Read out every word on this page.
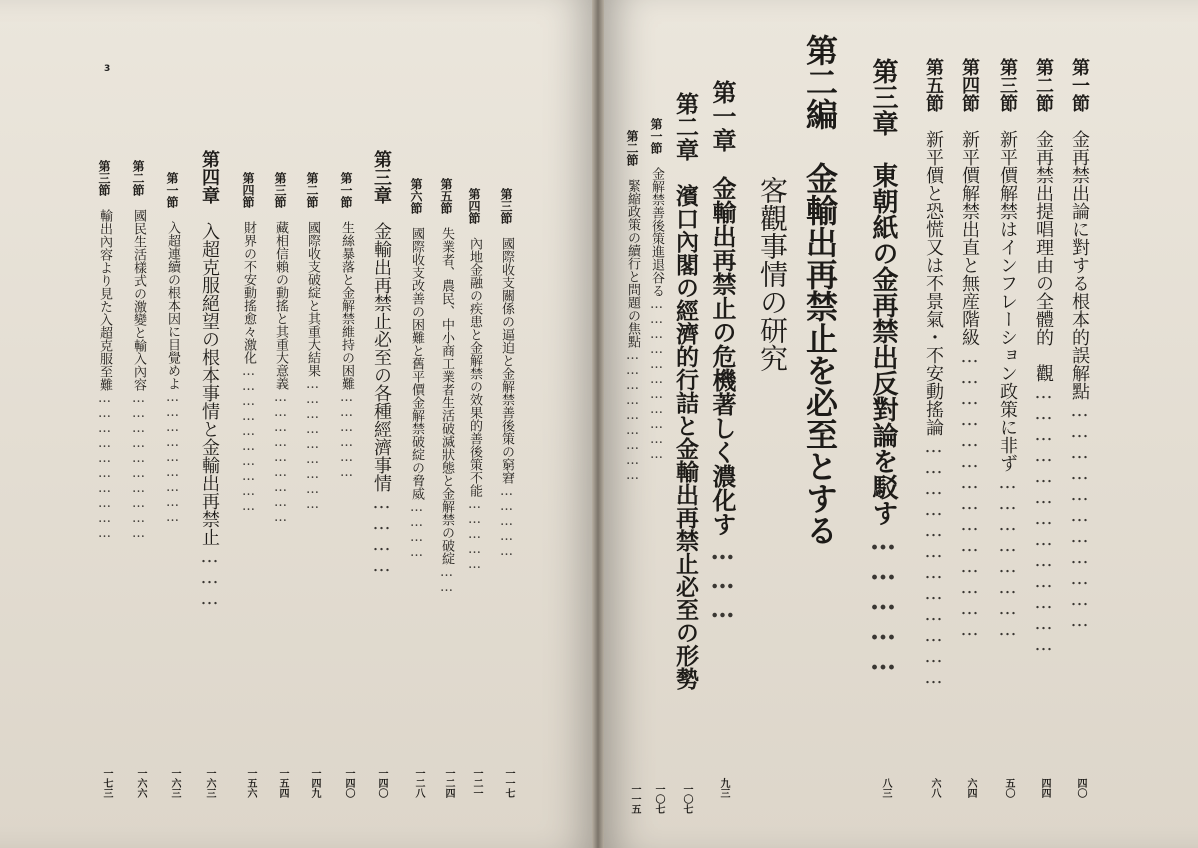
3
第三節　國際收支關係の逼迫と金解禁善後策の窮窘……………
一一七
第四節　內地金融の疾患と金解禁の效果的善後策不能……………
一二一
第五節　失業者、農民、中小商工業者生活破滅狀態と金解禁の破綻……
一二四
第六節　國際收支改善の困難と舊平價金解禁破綻の脅威…………
一二八
第三章　金輸出再禁止必至の各種經濟事情…………
一四〇
第一節　生絲暴落と金解禁維持の困難………………
一四〇
第二節　國際收支破綻と其重大結果………………………
一四九
第三節　藏相信賴の動搖と其重大意義………………………
一五四
第四節　財界の不安動搖愈々激化…………………………
一五六
第四章　入超克服絕望の根本事情と金輸出再禁止………
一六三
第一節　入超連續の根本因に目覺めよ………………………
一六三
第二節　國民生活樣式の激變と輸入內容…………………………
一六六
第三節　輸出內容より見た入超克服至難…………………………
一七三
第一節　金再禁出論に對する根本的誤解點……………………………
四〇
第二節　金再禁出提唱理由の全體的　觀…………………………………
四四
第三節　新平價解禁はインフレーション政策に非ず……………………
五〇
第四節　新平價解禁出直と無産階級……………………………………
六四
第五節　新平價と恐慌又は不景氣・不安動搖論………………………………
六八
第三章　東朝紙の金再禁出反對論を駁す……………
八三
第二編　金輸出再禁止を必至とする
客觀事情の研究
第一章　金輸出再禁止の危機著しく濃化す………
九三
第二章　濱口內閣の經濟的行詰と金輸出再禁止必至の形勢
一〇七
第一節　金解禁善後策進退谷る……………………………
一〇七
第二節　緊縮政策の續行と問題の焦點………………………
一一五
